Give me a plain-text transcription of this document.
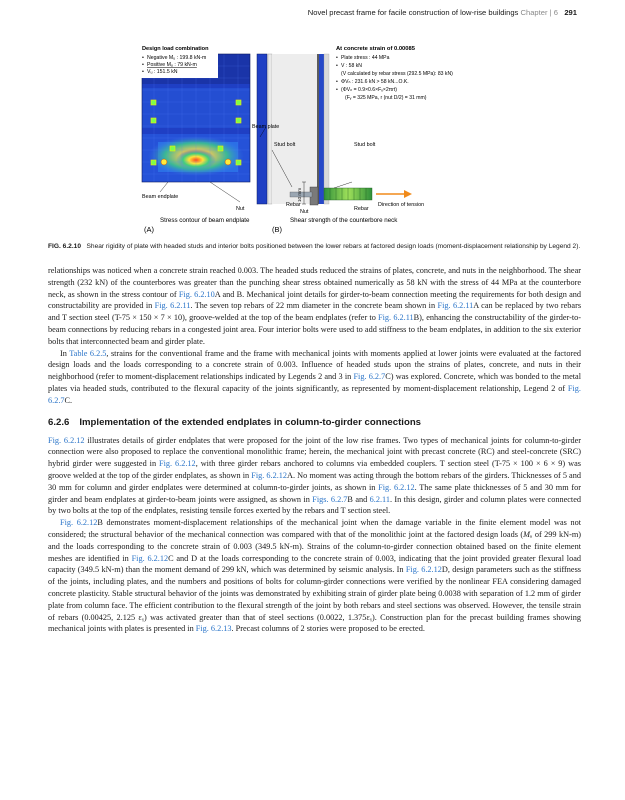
Novel precast frame for facile construction of low-rise buildings Chapter | 6 291
Design load combination
• Negative Mᵤ : 199.8 kN-m
• Positive Mᵤ : 79 kN-m
• Vᵤ : 151.5 kN
Beam endplate
Nut
Stress contour of beam endplate
(A)
Beam plate
Stud bolt	Stud bolt
Direction of tension
Rebar
Rebar
Nut
10 mm
At concrete strain of 0.00085
• Plate stress : 44 MPa
• V : 58 kN
(V calculated by rebar stress (292.5 MPa): 83 kN)
• ΦVₙ : 231.6 kN > 58 kN...O.K.
• (ΦVₙ = 0.9×0.6×Fᵧ×2πrt)
(Fᵧ = 325 MPa, r (nut D/2) = 31 mm)
Shear strength of the counterbore neck
(B)
FIG. 6.2.10 Shear rigidity of plate with headed studs and interior bolts positioned between the lower rebars at factored design loads (moment-displacement relationship by Legend 2).

relationships was noticed when a concrete strain reached 0.003. The headed studs reduced the strains of plates, concrete, and nuts in the neighborhood. The shear strength (232 kN) of the counterbores was greater than the punching shear stress obtained numerically as 58 kN with the stress of 44 MPa at the counterbore neck, as shown in the stress contour of Fig. 6.2.10A and B. Mechanical joint details for girder-to-beam connection meeting the requirements for both design and constructability are provided in Fig. 6.2.11. The seven top rebars of 22 mm diameter in the concrete beam shown in Fig. 6.2.11A can be replaced by two rebars and T section steel (T-75 × 150 × 7 × 10), groove-welded at the top of the beam endplates (refer to Fig. 6.2.11B), enhancing the constructability of the girder-to-beam connections by reducing rebars in a congested joint area. Four interior bolts were used to add stiffness to the beam endplates, in addition to the six exterior bolts that interconnected beam and girder plate.

In Table 6.2.5, strains for the conventional frame and the frame with mechanical joints with moments applied at lower joints were evaluated at the factored design loads and the loads corresponding to a concrete strain of 0.003. Influence of headed studs upon the strains of plates, concrete, and nuts in their neighborhood (refer to moment-displacement relationships indicated by Legends 2 and 3 in Fig. 6.2.7C) was explored. Concrete, which was bonded to the metal plates via headed studs, contributed to the flexural capacity of the joints significantly, as represented by moment-displacement relationship, Legend 2 of Fig. 6.2.7C.

6.2.6 Implementation of the extended endplates in column-to-girder connections

Fig. 6.2.12 illustrates details of girder endplates that were proposed for the joint of the low rise frames. Two types of mechanical joints for column-to-girder connection were also proposed to replace the conventional monolithic frame; herein, the mechanical joint with precast concrete (RC) and steel-concrete (SRC) hybrid girder were suggested in Fig. 6.2.12, with three girder rebars anchored to columns via embedded couplers. T section steel (T-75 × 100 × 6 × 9) was groove welded at the top of the girder endplates, as shown in Fig. 6.2.12A. No moment was acting through the bottom rebars of the girders. Thicknesses of 5 and 30 mm for column and girder endplates were determined at column-to-girder joints, as shown in Fig. 6.2.12. The same plate thicknesses of 5 and 30 mm for girder and beam endplates at girder-to-beam joints were assigned, as shown in Figs. 6.2.7B and 6.2.11. In this design, girder and column plates were connected by two bolts at the top of the endplates, resisting tensile forces exerted by the rebars and T section steel.

Fig. 6.2.12B demonstrates moment-displacement relationships of the mechanical joint when the damage variable in the finite element model was not considered; the structural behavior of the mechanical connection was compared with that of the monolithic joint at the factored design loads (Mᵤ of 299 kN-m) and the loads corresponding to the concrete strain of 0.003 (349.5 kN-m). Strains of the column-to-girder connection obtained based on the finite element meshes are identified in Fig. 6.2.12C and D at the loads corresponding to the concrete strain of 0.003, indicating that the joint provided greater flexural load capacity (349.5 kN-m) than the moment demand of 299 kN, which was determined by seismic analysis. In Fig. 6.2.12D, design parameters such as the stiffness of the joints, including plates, and the numbers and positions of bolts for column-girder connections were verified by the nonlinear FEA considering damaged concrete plasticity. Stable structural behavior of the joints was demonstrated by exhibiting strain of girder plate being 0.0038 with separation of 1.2 mm of girder plate from column face. The efficient contribution to the flexural strength of the joint by both rebars and steel sections was observed. However, the tensile strain of rebars (0.00425, 2.125 εᵧ) was activated greater than that of steel sections (0.0022, 1.375εᵧ). Construction plan for the precast building frames showing mechanical joints with plates is presented in Fig. 6.2.13. Precast columns of 2 stories were proposed to be erected.
